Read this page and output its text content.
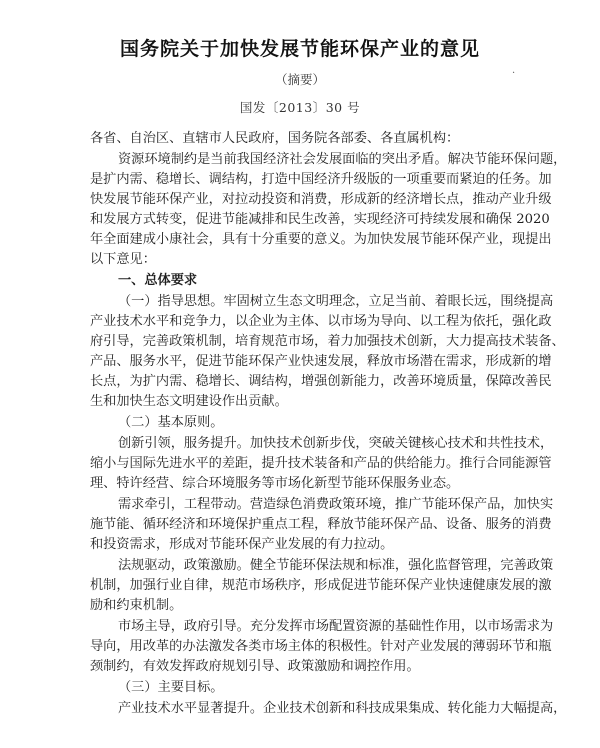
国务院关于加快发展节能环保产业的意见
·
（摘要）
国发〔2013〕30 号
各省、自治区、直辖市人民政府，国务院各部委、各直属机构：
资源环境制约是当前我国经济社会发展面临的突出矛盾。解决节能环保问题，
是扩内需、稳增长、调结构，打造中国经济升级版的一项重要而紧迫的任务。加
快发展节能环保产业，对拉动投资和消费，形成新的经济增长点，推动产业升级
和发展方式转变，促进节能减排和民生改善，实现经济可持续发展和确保 2020
年全面建成小康社会，具有十分重要的意义。为加快发展节能环保产业，现提出
以下意见：
一、总体要求
（一）指导思想。牢固树立生态文明理念，立足当前、着眼长远，围绕提高
产业技术水平和竞争力，以企业为主体、以市场为导向、以工程为依托，强化政
府引导，完善政策机制，培育规范市场，着力加强技术创新，大力提高技术装备、
产品、服务水平，促进节能环保产业快速发展，释放市场潜在需求，形成新的增
长点，为扩内需、稳增长、调结构，增强创新能力，改善环境质量，保障改善民
生和加快生态文明建设作出贡献。
（二）基本原则。
创新引领，服务提升。加快技术创新步伐，突破关键核心技术和共性技术，
缩小与国际先进水平的差距，提升技术装备和产品的供给能力。推行合同能源管
理、特许经营、综合环境服务等市场化新型节能环保服务业态。
需求牵引，工程带动。营造绿色消费政策环境，推广节能环保产品，加快实
施节能、循环经济和环境保护重点工程，释放节能环保产品、设备、服务的消费
和投资需求，形成对节能环保产业发展的有力拉动。
法规驱动，政策激励。健全节能环保法规和标准，强化监督管理，完善政策
机制，加强行业自律，规范市场秩序，形成促进节能环保产业快速健康发展的激
励和约束机制。
市场主导，政府引导。充分发挥市场配置资源的基础性作用，以市场需求为
导向，用改革的办法激发各类市场主体的积极性。针对产业发展的薄弱环节和瓶
颈制约，有效发挥政府规划引导、政策激励和调控作用。
产业技术水平显著提升。企业技术创新和科技成果集成、转化能力大幅提高，
（三）主要目标。
